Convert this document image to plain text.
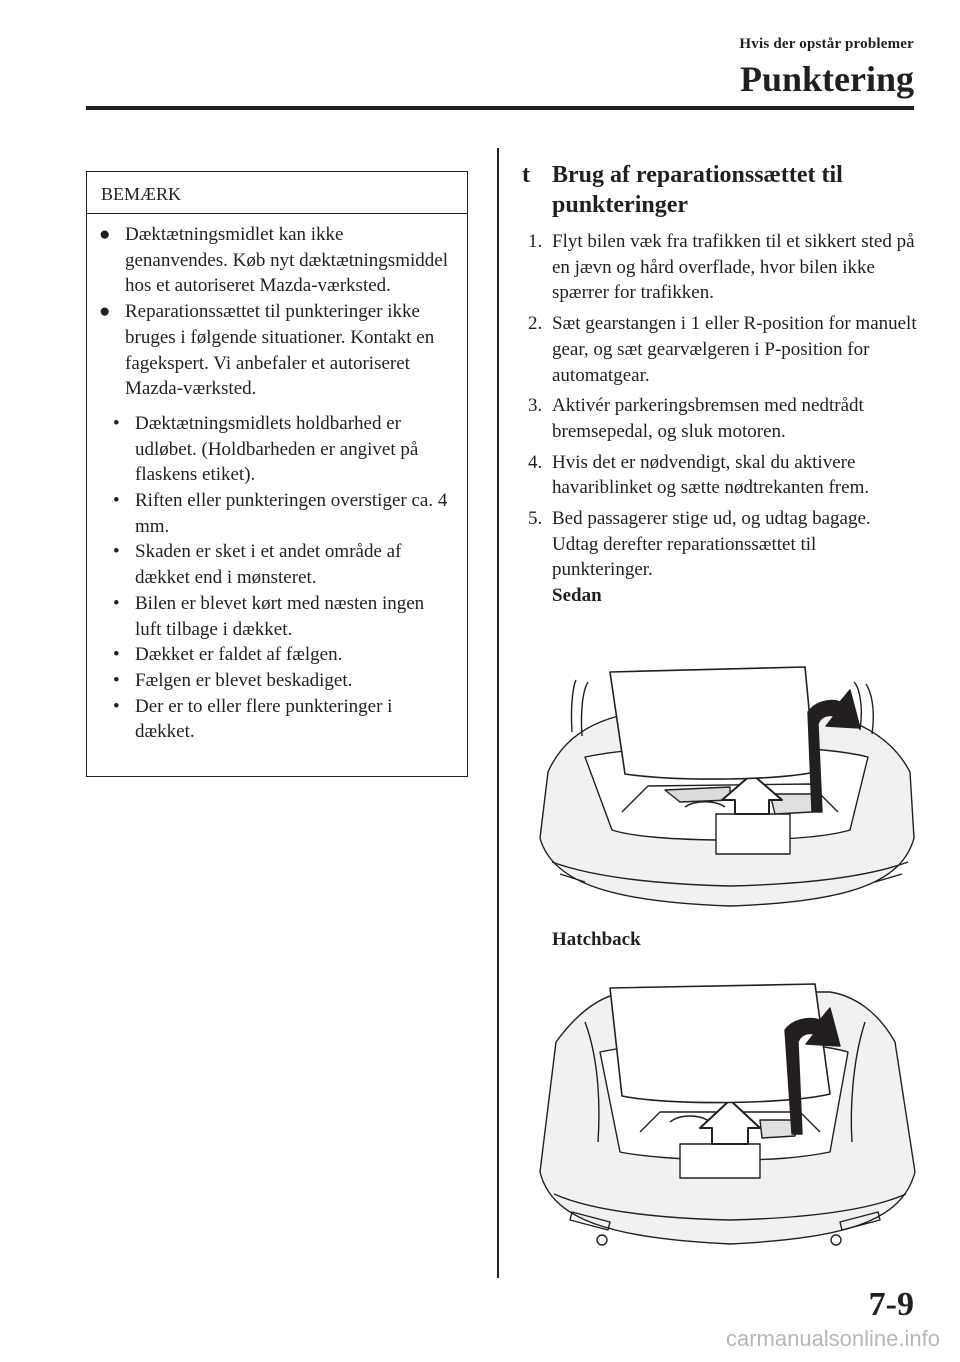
Hvis der opstår problemer
Punktering
BEMÆRK
● Dæktætningsmidlet kan ikke genanvendes. Køb nyt dæktætningsmiddel hos et autoriseret Mazda-værksted.
● Reparationssættet til punkteringer ikke bruges i følgende situationer. Kontakt en fagekspert. Vi anbefaler et autoriseret Mazda-værksted.
• Dæktætningsmidlets holdbarhed er udløbet. (Holdbarheden er angivet på flaskens etiket).
• Riften eller punkteringen overstiger ca. 4 mm.
• Skaden er sket i et andet område af dækket end i mønsteret.
• Bilen er blevet kørt med næsten ingen luft tilbage i dækket.
• Dækket er faldet af fælgen.
• Fælgen er blevet beskadiget.
• Der er to eller flere punkteringer i dækket.
t Brug af reparationssættet til punkteringer
1. Flyt bilen væk fra trafikken til et sikkert sted på en jævn og hård overflade, hvor bilen ikke spærrer for trafikken.
2. Sæt gearstangen i 1 eller R-position for manuelt gear, og sæt gearvælgeren i P-position for automatgear.
3. Aktivér parkeringsbremsen med nedtrådt bremsepedal, og sluk motoren.
4. Hvis det er nødvendigt, skal du aktivere havariblinket og sætte nødtrekanten frem.
5. Bed passagerer stige ud, og udtag bagage. Udtag derefter reparationssættet til punkteringer.
Sedan
Hatchback
7-9
carmanualsonline.info
